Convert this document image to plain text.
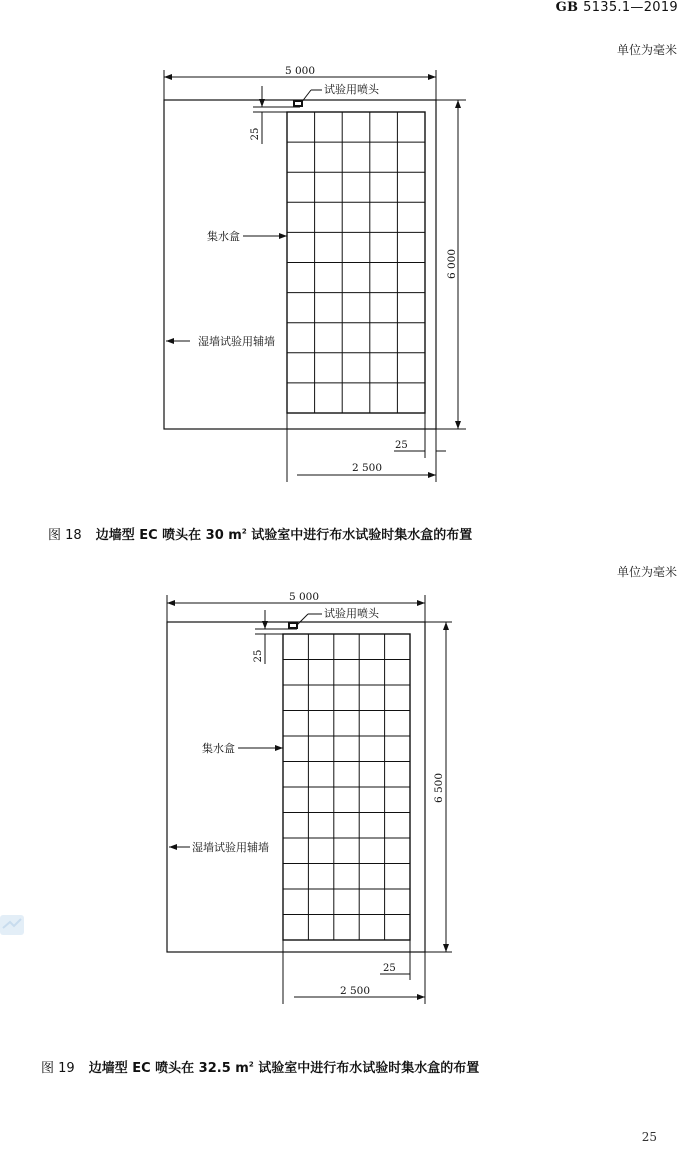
GB 5135.1—2019
单位为毫米
5 000
试验用喷头
25
6 000
集水盒
湿墙试验用辅墙
25
2 500
5 000
试验用喷头
25
6 500
集水盒
湿墙试验用辅墙
25
2 500
图 18 边墙型 EC 喷头在 30 $m^2$ 试验室中进行布水试验时集水盒的布置
单位为毫米
图 19 边墙型 EC 喷头在 32.5 $m^2$ 试验室中进行布水试验时集水盒的布置
25
